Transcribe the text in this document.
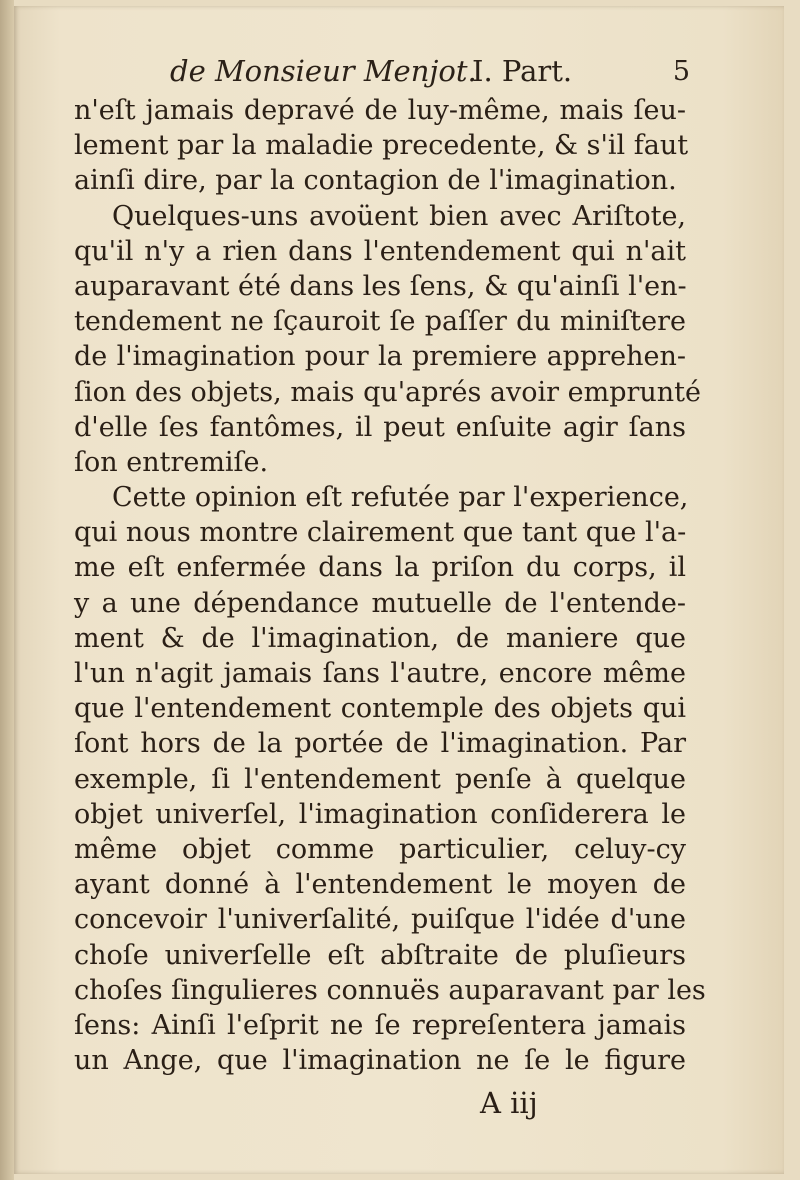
de Monsieur Menjot.
I. Part.	5
n'eſt jamais depravé de luy-même, mais ſeu-
lement par la maladie precedente, & s'il faut
ainſi dire, par la contagion de l'imagination.
Quelques-uns avoüent bien avec Ariſtote,
qu'il n'y a rien dans l'entendement qui n'ait
auparavant été dans les ſens, & qu'ainſi l'en-
tendement ne ſçauroit ſe paſſer du miniſtere
de l'imagination pour la premiere apprehen-
ſion des objets, mais qu'aprés avoir emprunté
d'elle ſes fantômes, il peut enſuite agir ſans
ſon entremiſe.
Cette opinion eſt refutée par l'experience,
qui nous montre clairement que tant que l'a-
me eſt enfermée dans la priſon du corps, il
y a une dépendance mutuelle de l'entende-
ment & de l'imagination, de maniere que
l'un n'agit jamais ſans l'autre, encore même
que l'entendement contemple des objets qui
ſont hors de la portée de l'imagination. Par
exemple, ſi l'entendement penſe à quelque
objet univerſel, l'imagination conſiderera le
même objet comme particulier, celuy-cy
ayant donné à l'entendement le moyen de
concevoir l'univerſalité, puiſque l'idée d'une
choſe univerſelle eſt abſtraite de pluſieurs
choſes ſingulieres connuës auparavant par les
ſens: Ainſi l'eſprit ne ſe repreſentera jamais
un Ange, que l'imagination ne ſe le figure
A iij
